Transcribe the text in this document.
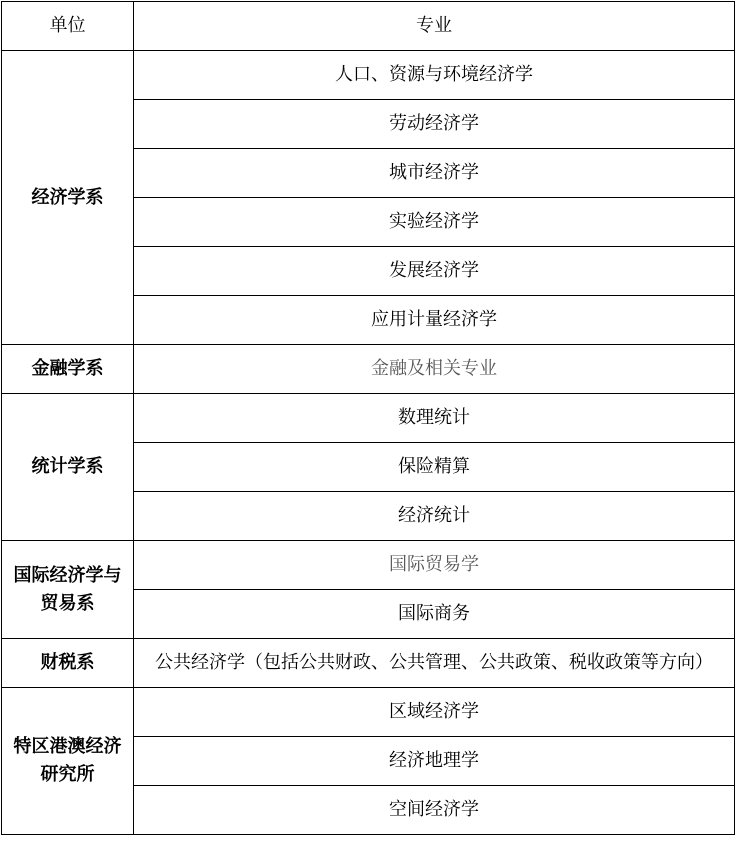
单位	专业
经济学系	人口、资源与环境经济学
	劳动经济学
	城市经济学
	实验经济学
	发展经济学
	应用计量经济学
金融学系	金融及相关专业
统计学系	数理统计
	保险精算
	经济统计
国际经济学与贸易系	国际贸易学
	国际商务
财税系	公共经济学（包括公共财政、公共管理、公共政策、税收政策等方向）
特区港澳经济研究所	区域经济学
	经济地理学
	空间经济学
